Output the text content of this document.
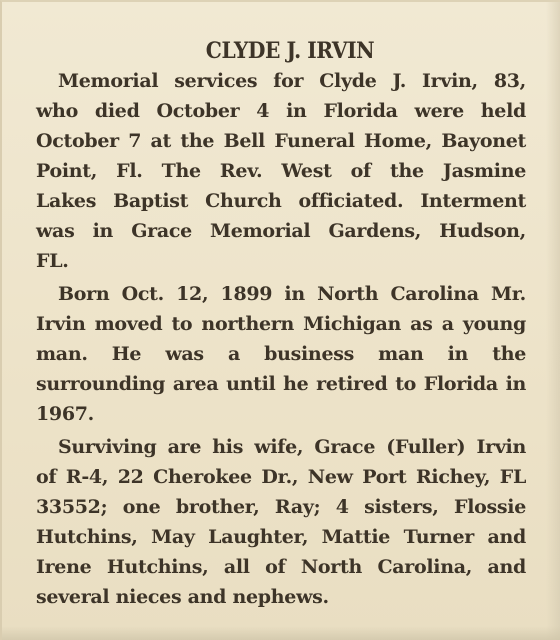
CLYDE J. IRVIN

Memorial services for Clyde J. Irvin, 83,
who died October 4 in Florida were held
October 7 at the Bell Funeral Home, Bayonet
Point, Fl. The Rev. West of the Jasmine
Lakes Baptist Church officiated. Interment
was in Grace Memorial Gardens, Hudson,
FL.

Born Oct. 12, 1899 in North Carolina Mr.
Irvin moved to northern Michigan as a young
man. He was a business man in the
surrounding area until he retired to Florida in
1967.

Surviving are his wife, Grace (Fuller) Irvin
of R-4, 22 Cherokee Dr., New Port Richey, FL
33552; one brother, Ray; 4 sisters, Flossie
Hutchins, May Laughter, Mattie Turner and
Irene Hutchins, all of North Carolina, and
several nieces and nephews.
